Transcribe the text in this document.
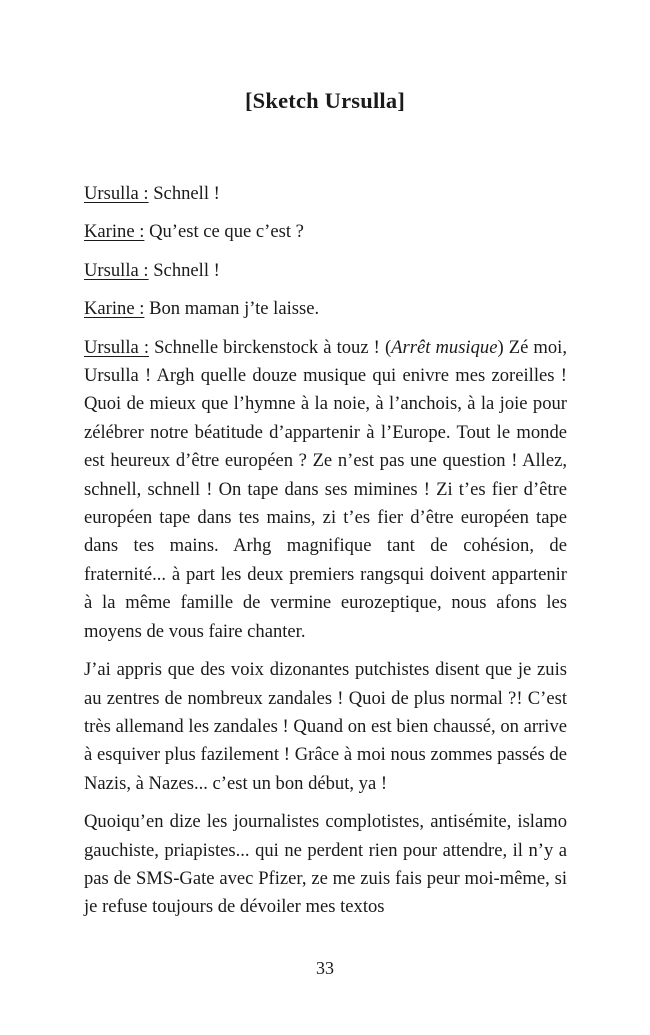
[Sketch Ursulla]

Ursulla : Schnell !

Karine : Qu’est ce que c’est ?

Ursulla : Schnell !

Karine : Bon maman j’te laisse.

Ursulla : Schnelle birckenstock à touz ! (Arrêt musique) Zé moi, Ursulla ! Argh quelle douze musique qui enivre mes zoreilles ! Quoi de mieux que l’hymne à la noie, à l’anchois, à la joie pour zélébrer notre béatitude d’appartenir à l’Europe. Tout le monde est heureux d’être européen ? Ze n’est pas une question ! Allez, schnell, schnell ! On tape dans ses mimines ! Zi t’es fier d’être européen tape dans tes mains, zi t’es fier d’être européen tape dans tes mains. Arhg magnifique tant de cohésion, de fraternité... à part les deux premiers rangsqui doivent appartenir à la même famille de vermine eurozeptique, nous afons les moyens de vous faire chanter.

J’ai appris que des voix dizonantes putchistes disent que je zuis au zentres de nombreux zandales ! Quoi de plus normal ?! C’est très allemand les zandales ! Quand on est bien chaussé, on arrive à esquiver plus fazilement ! Grâce à moi nous zommes passés de Nazis, à Nazes... c’est un bon début, ya !

Quoiqu’en dize les journalistes complotistes, antisémite, islamo gauchiste, priapistes... qui ne perdent rien pour attendre, il n’y a pas de SMS-Gate avec Pfizer, ze me zuis fais peur moi-même, si je refuse toujours de dévoiler mes textos

33
